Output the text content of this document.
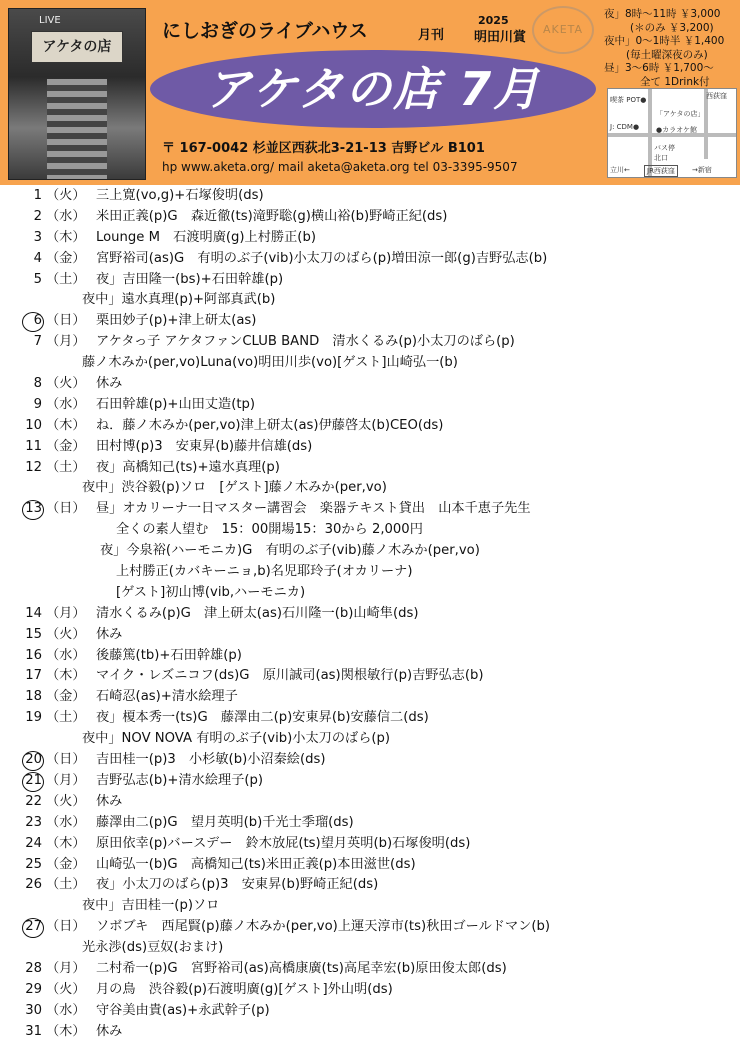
LIVE
アケタの店
にしおぎのライブハウス	2025
月刊 明田川賞
AKETA
アケタの店 7月
〒 167-0042 杉並区西荻北3-21-13 吉野ビル B101
hp www.aketa.org/ mail aketa@aketa.org tel 03-3395-9507
夜」8時～11時 ￥3,000
(＊のみ ￥3,200)
夜中」0～1時半 ￥1,400
(毎土曜深夜のみ)
昼」3～6時 ￥1,700～
全て 1Drink付
喫茶 POT●
「アケタの店」
J: CDM● ●カラオケ館
バス停
北口
立川←	JR西荻窪	→新宿
西荻窪
1 （火） 三上寛(vo,g)+石塚俊明(ds)
2 （水） 米田正義(p)G　森近徹(ts)滝野聡(g)横山裕(b)野崎正紀(ds)
3 （木） Lounge M　石渡明廣(g)上村勝正(b)
4 （金） 宮野裕司(as)G　有明のぶ子(vib)小太刀のばら(p)増田涼一郎(g)吉野弘志(b)
5 （土） 夜」吉田隆一(bs)+石田幹雄(p)
夜中」遠水真理(p)+阿部真武(b)
6 （日） 栗田妙子(p)+津上研太(as)
7 （月） アケタっ子 アケタファンCLUB BAND　清水くるみ(p)小太刀のばら(p)
藤ノ木みか(per,vo)Luna(vo)明田川歩(vo)[ゲスト]山崎弘一(b)
8 （火） 休み
9 （水） 石田幹雄(p)+山田丈造(tp)
10 （木） ね．藤ノ木みか(per,vo)津上研太(as)伊藤啓太(b)CEO(ds)
11 （金） 田村博(p)3　安東昇(b)藤井信雄(ds)
12 （土） 夜」高橋知己(ts)+遠水真理(p)
夜中」渋谷毅(p)ソロ　[ゲスト]藤ノ木みか(per,vo)
13 （日） 昼」オカリーナ一日マスター講習会　楽器テキスト貸出　山本千恵子先生
全くの素人望む　15：00開場15：30から 2,000円
夜」今泉裕(ハーモニカ)G　有明のぶ子(vib)藤ノ木みか(per,vo)
上村勝正(カバキーニョ,b)名児耶玲子(オカリーナ)
[ゲスト]初山博(vib,ハーモニカ)
14 （月） 清水くるみ(p)G　津上研太(as)石川隆一(b)山崎隼(ds)
15 （火） 休み
16 （水） 後藤篤(tb)+石田幹雄(p)
17 （木） マイク・レズニコフ(ds)G　原川誠司(as)関根敏行(p)吉野弘志(b)
18 （金） 石崎忍(as)+清水絵理子
19 （土） 夜」榎本秀一(ts)G　藤澤由二(p)安東昇(b)安藤信二(ds)
夜中」NOV NOVA 有明のぶ子(vib)小太刀のばら(p)
20 （日） 吉田桂一(p)3　小杉敏(b)小沼秦絵(ds)
21 （月） 吉野弘志(b)+清水絵理子(p)
22 （火） 休み
23 （水） 藤澤由二(p)G　望月英明(b)千光士季瑠(ds)
24 （木） 原田依幸(p)バースデー　鈴木放屁(ts)望月英明(b)石塚俊明(ds)
25 （金） 山崎弘一(b)G　高橋知己(ts)米田正義(p)本田滋世(ds)
26 （土） 夜」小太刀のばら(p)3　安東昇(b)野崎正紀(ds)
夜中」吉田桂一(p)ソロ
27 （日） ソボブキ　西尾賢(p)藤ノ木みか(per,vo)上運天淳市(ts)秋田ゴールドマン(b)
光永渉(ds)豆奴(おまけ)
28 （月） 二村希一(p)G　宮野裕司(as)高橋康廣(ts)高尾幸宏(b)原田俊太郎(ds)
29 （火） 月の鳥　渋谷毅(p)石渡明廣(g)[ゲスト]外山明(ds)
30 （水） 守谷美由貴(as)+永武幹子(p)
31 （木） 休み
